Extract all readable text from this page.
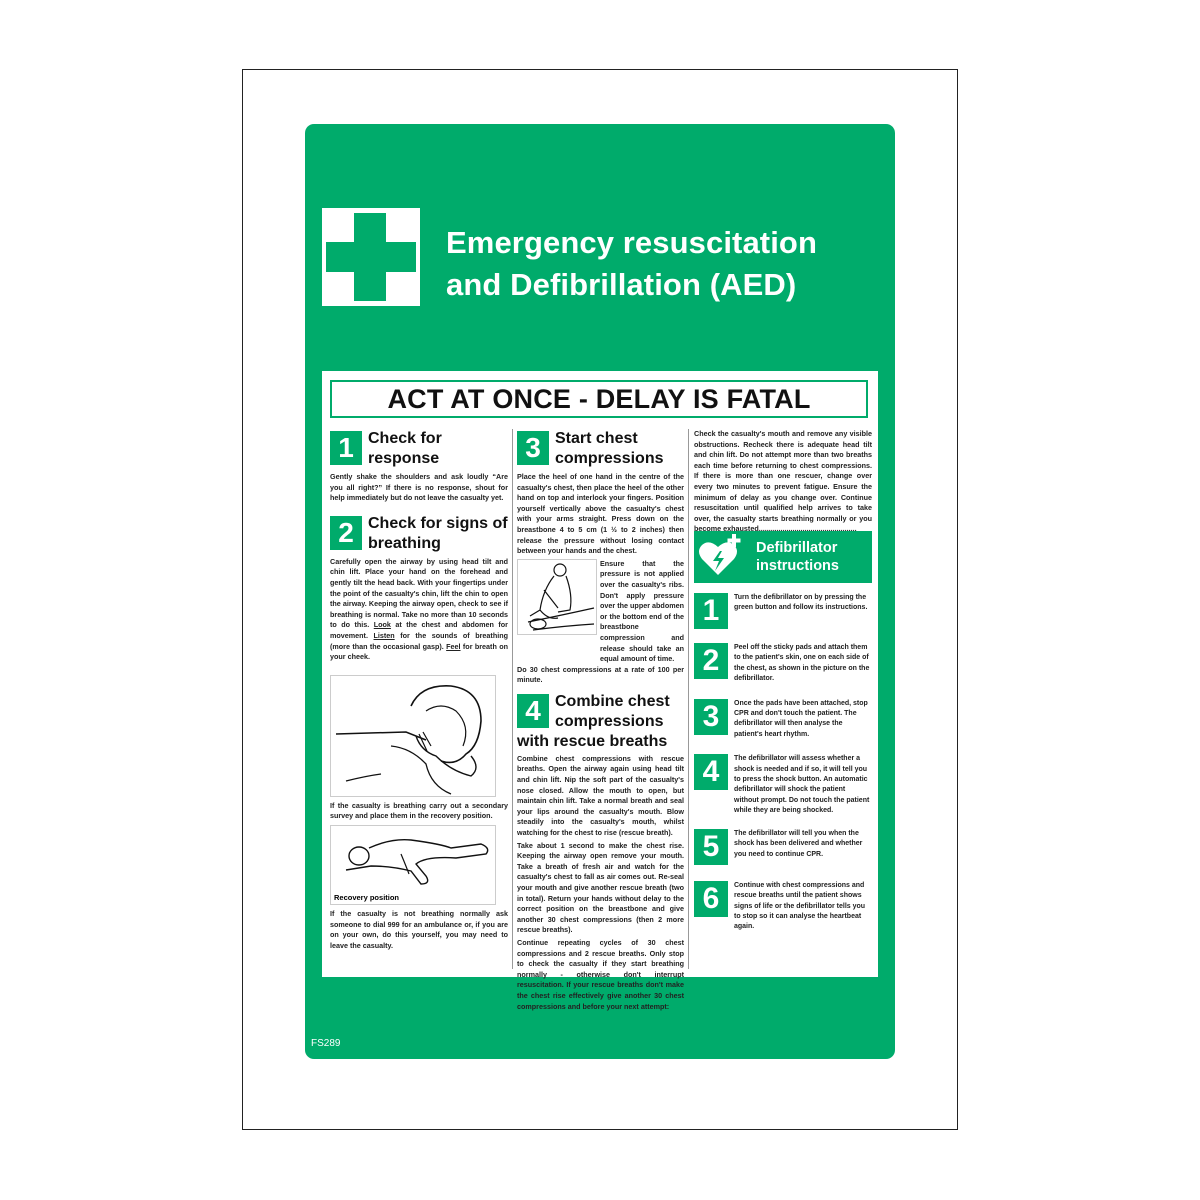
Emergency resuscitation
and Defibrillation (AED)
ACT AT ONCE - DELAY IS FATAL
1 Check for response
Gently shake the shoulders and ask loudly “Are you all right?” If there is no response, shout for help immediately but do not leave the casualty yet.
2 Check for signs of breathing
Carefully open the airway by using head tilt and chin lift. Place your hand on the forehead and gently tilt the head back. With your fingertips under the point of the casualty's chin, lift the chin to open the airway. Keeping the airway open, check to see if breathing is normal. Take no more than 10 seconds to do this. Look at the chest and abdomen for movement. Listen for the sounds of breathing (more than the occasional gasp). Feel for breath on your cheek.
If the casualty is breathing carry out a secondary survey and place them in the recovery position.
Recovery position
If the casualty is not breathing normally ask someone to dial 999 for an ambulance or, if you are on your own, do this yourself, you may need to leave the casualty.
3 Start chest compressions
Place the heel of one hand in the centre of the casualty's chest, then place the heel of the other hand on top and interlock your fingers. Position yourself vertically above the casualty's chest with your arms straight. Press down on the breastbone 4 to 5 cm (1 ½ to 2 inches) then release the pressure without losing contact between your hands and the chest.
Ensure that the pressure is not applied over the casualty's ribs. Don't apply pressure over the upper abdomen or the bottom end of the breastbone compression and release should take an equal amount of time.
Do 30 chest compressions at a rate of 100 per minute.
4 Combine chest compressions
with rescue breaths

Combine chest compressions with rescue breaths. Open the airway again using head tilt and chin lift. Nip the soft part of the casualty's nose closed. Allow the mouth to open, but maintain chin lift. Take a normal breath and seal your lips around the casualty's mouth. Blow steadily into the casualty's mouth, whilst watching for the chest to rise (rescue breath).

Take about 1 second to make the chest rise. Keeping the airway open remove your mouth. Take a breath of fresh air and watch for the casualty's chest to fall as air comes out. Re-seal your mouth and give another rescue breath (two in total). Return your hands without delay to the correct position on the breastbone and give another 30 chest compressions (then 2 more rescue breaths).

Continue repeating cycles of 30 chest compressions and 2 rescue breaths. Only stop to check the casualty if they start breathing normally - otherwise don't interrupt resuscitation. If your rescue breaths don't make the chest rise effectively give another 30 chest compressions and before your next attempt:

Check the casualty's mouth and remove any visible obstructions. Recheck there is adequate head tilt and chin lift. Do not attempt more than two breaths each time before returning to chest compressions. If there is more than one rescuer, change over every two minutes to prevent fatigue. Ensure the minimum of delay as you change over. Continue resuscitation until qualified help arrives to take over, the casualty starts breathing normally or you become exhausted.................................................
Defibrillator
instructions
1	Turn the defibrillator on by pressing the green button and follow its instructions.
2	Peel off the sticky pads and attach them to the patient's skin, one on each side of the chest, as shown in the picture on the defibrillator.
3	Once the pads have been attached, stop CPR and don't touch the patient. The defibrillator will then analyse the patient's heart rhythm.
4	The defibrillator will assess whether a shock is needed and if so, it will tell you to press the shock button. An automatic defibrillator will shock the patient without prompt. Do not touch the patient while they are being shocked.
5	The defibrillator will tell you when the shock has been delivered and whether you need to continue CPR.
6	Continue with chest compressions and rescue breaths until the patient shows signs of life or the defibrillator tells you to stop so it can analyse the heartbeat again.
FS289
